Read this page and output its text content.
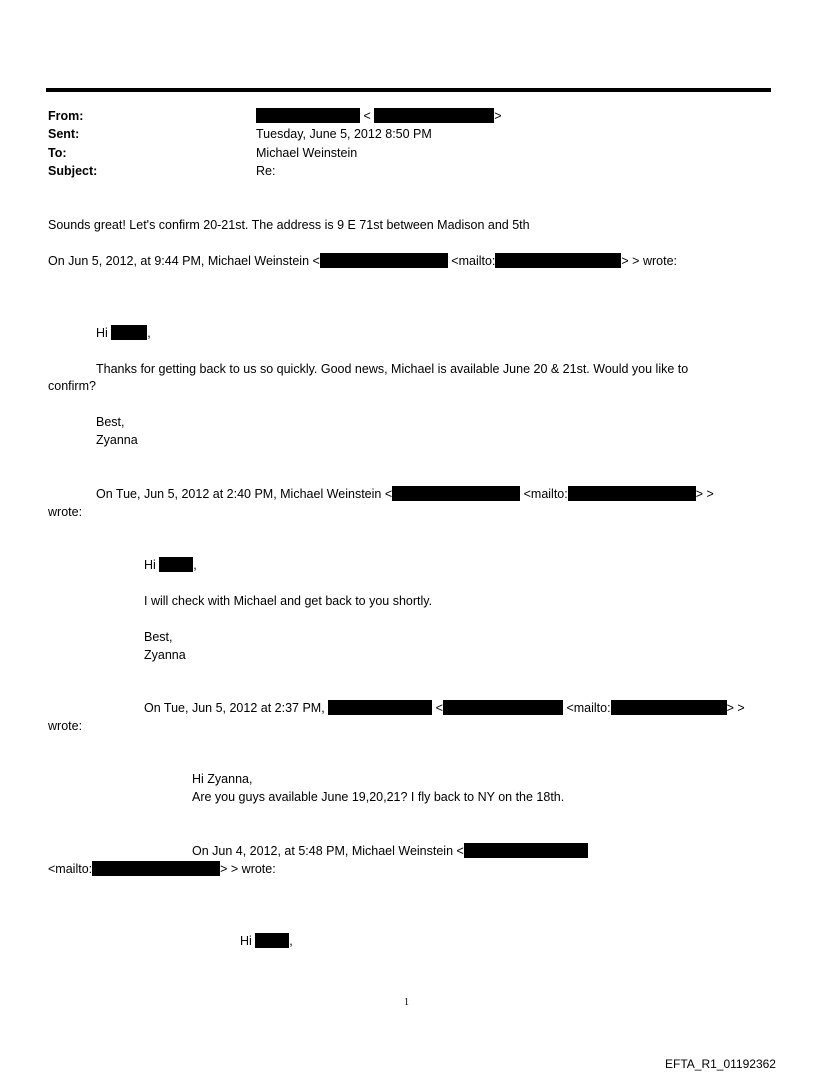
From:	<	>
Sent:	Tuesday, June 5, 2012 8:50 PM
To:	Michael Weinstein
Subject:	Re:
Sounds great! Let's confirm 20-21st. The address is 9 E 71st between Madison and 5th
On Jun 5, 2012, at 9:44 PM, Michael Weinstein <	<mailto:	> > wrote:
Hi	,
Thanks for getting back to us so quickly. Good news, Michael is available June 20 & 21st. Would you like to
confirm?
Best,
Zyanna
On Tue, Jun 5, 2012 at 2:40 PM, Michael Weinstein <	<mailto:	> >
wrote:
Hi	,
I will check with Michael and get back to you shortly.
Best,
Zyanna
On Tue, Jun 5, 2012 at 2:37 PM,	<	<mailto:	> >
wrote:
Hi Zyanna,
Are you guys available June 19,20,21? I fly back to NY on the 18th.
On Jun 4, 2012, at 5:48 PM, Michael Weinstein <
<mailto:	> > wrote:
Hi	,
1
EFTA_R1_01192362
